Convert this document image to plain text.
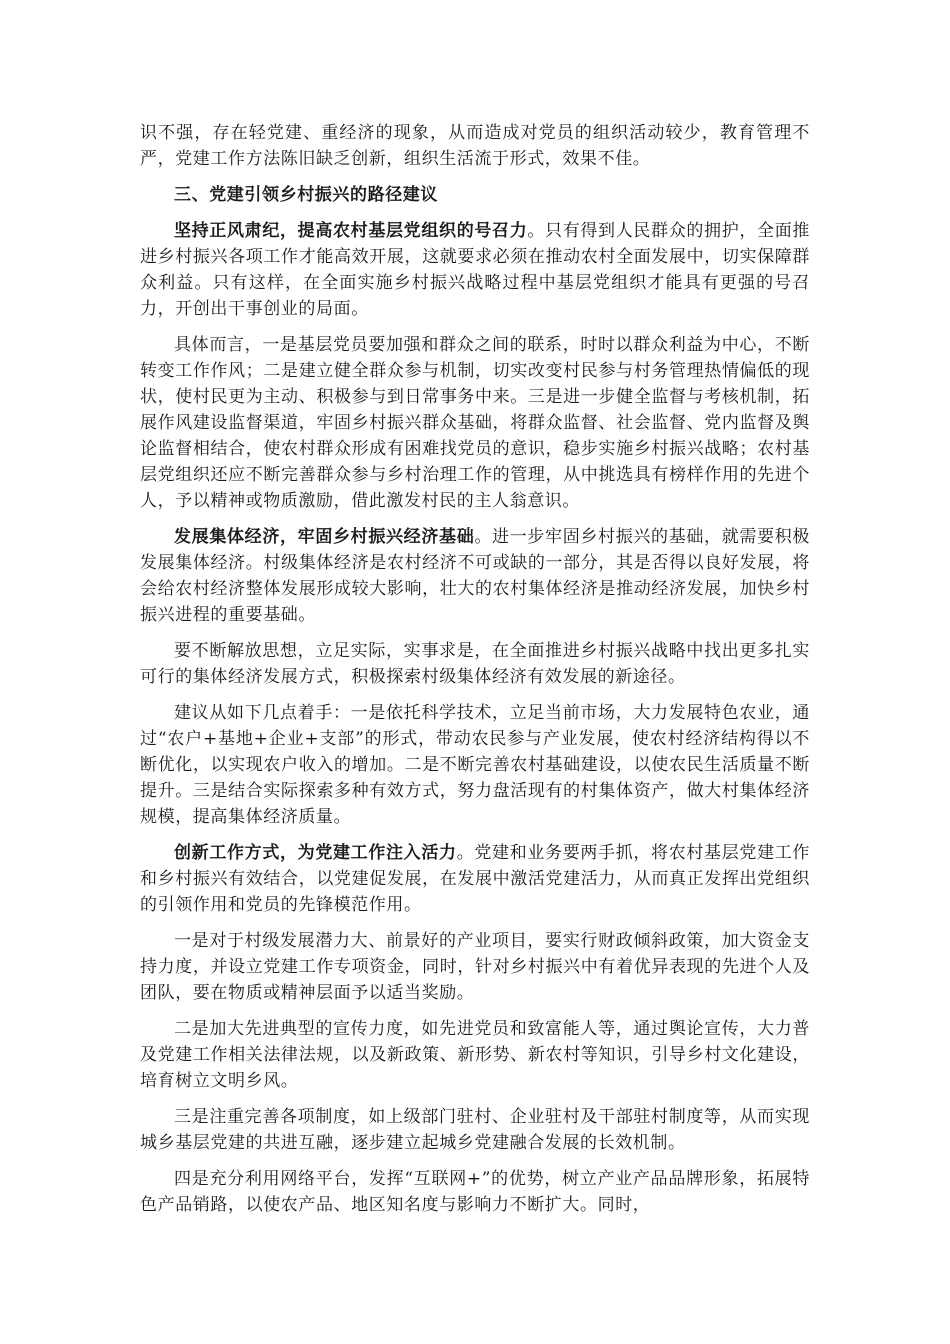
识不强，存在轻党建、重经济的现象，从而造成对党员的组织活动较少，教育管理不严，党建工作方法陈旧缺乏创新，组织生活流于形式，效果不佳。

三、党建引领乡村振兴的路径建议

坚持正风肃纪，提高农村基层党组织的号召力。只有得到人民群众的拥护，全面推进乡村振兴各项工作才能高效开展，这就要求必须在推动农村全面发展中，切实保障群众利益。只有这样，在全面实施乡村振兴战略过程中基层党组织才能具有更强的号召力，开创出干事创业的局面。

具体而言，一是基层党员要加强和群众之间的联系，时时以群众利益为中心，不断转变工作作风；二是建立健全群众参与机制，切实改变村民参与村务管理热情偏低的现状，使村民更为主动、积极参与到日常事务中来。三是进一步健全监督与考核机制，拓展作风建设监督渠道，牢固乡村振兴群众基础，将群众监督、社会监督、党内监督及舆论监督相结合，使农村群众形成有困难找党员的意识，稳步实施乡村振兴战略；农村基层党组织还应不断完善群众参与乡村治理工作的管理，从中挑选具有榜样作用的先进个人，予以精神或物质激励，借此激发村民的主人翁意识。

发展集体经济，牢固乡村振兴经济基础。进一步牢固乡村振兴的基础，就需要积极发展集体经济。村级集体经济是农村经济不可或缺的一部分，其是否得以良好发展，将会给农村经济整体发展形成较大影响，壮大的农村集体经济是推动经济发展，加快乡村振兴进程的重要基础。

要不断解放思想，立足实际，实事求是，在全面推进乡村振兴战略中找出更多扎实可行的集体经济发展方式，积极探索村级集体经济有效发展的新途径。

建议从如下几点着手：一是依托科学技术，立足当前市场，大力发展特色农业，通过“农户+基地+企业+支部”的形式，带动农民参与产业发展，使农村经济结构得以不断优化，以实现农户收入的增加。二是不断完善农村基础建设，以使农民生活质量不断提升。三是结合实际探索多种有效方式，努力盘活现有的村集体资产，做大村集体经济规模，提高集体经济质量。

创新工作方式，为党建工作注入活力。党建和业务要两手抓，将农村基层党建工作和乡村振兴有效结合，以党建促发展，在发展中激活党建活力，从而真正发挥出党组织的引领作用和党员的先锋模范作用。

一是对于村级发展潜力大、前景好的产业项目，要实行财政倾斜政策，加大资金支持力度，并设立党建工作专项资金，同时，针对乡村振兴中有着优异表现的先进个人及团队，要在物质或精神层面予以适当奖励。

二是加大先进典型的宣传力度，如先进党员和致富能人等，通过舆论宣传，大力普及党建工作相关法律法规，以及新政策、新形势、新农村等知识，引导乡村文化建设，培育树立文明乡风。

三是注重完善各项制度，如上级部门驻村、企业驻村及干部驻村制度等，从而实现城乡基层党建的共进互融，逐步建立起城乡党建融合发展的长效机制。

四是充分利用网络平台，发挥“互联网+”的优势，树立产业产品品牌形象，拓展特色产品销路，以使农产品、地区知名度与影响力不断扩大。同时，
